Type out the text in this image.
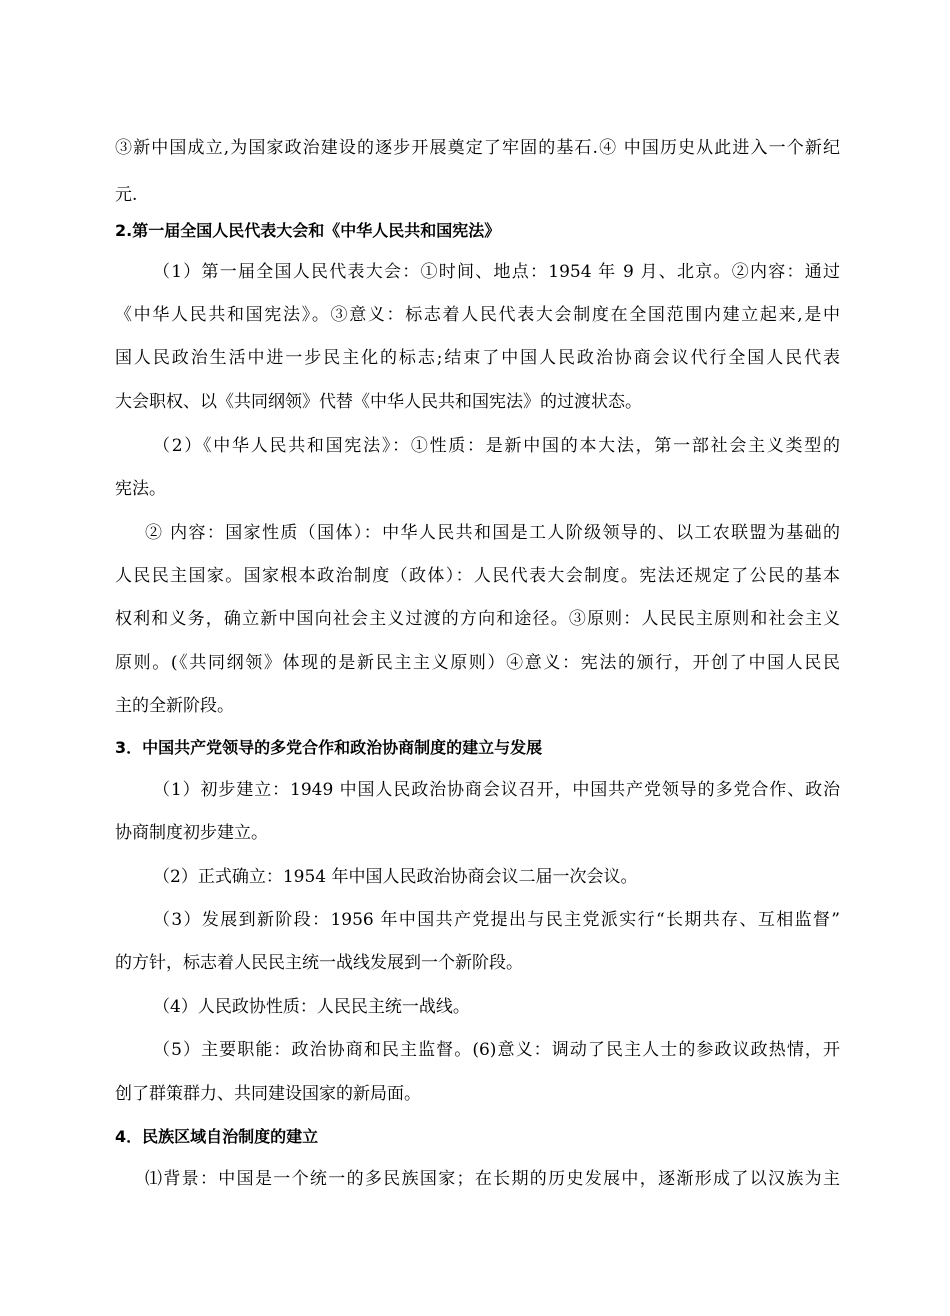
③新中国成立,为国家政治建设的逐步开展奠定了牢固的基石.④ 中国历史从此进入一个新纪
元.
2.第一届全国人民代表大会和《中华人民共和国宪法》
（1）第一届全国人民代表大会：①时间、地点：1954 年 9 月、北京。②内容：通过
《中华人民共和国宪法》。③意义：标志着人民代表大会制度在全国范围内建立起来,是中
国人民政治生活中进一步民主化的标志;结束了中国人民政治协商会议代行全国人民代表
大会职权、以《共同纲领》代替《中华人民共和国宪法》的过渡状态。
（2）《中华人民共和国宪法》：①性质：是新中国的本大法，第一部社会主义类型的
宪法。
② 内容：国家性质（国体）：中华人民共和国是工人阶级领导的、以工农联盟为基础的
人民民主国家。国家根本政治制度（政体）：人民代表大会制度。宪法还规定了公民的基本
权利和义务，确立新中国向社会主义过渡的方向和途径。③原则：人民民主原则和社会主义
原则。(《共同纲领》体现的是新民主主义原则）④意义：宪法的颁行，开创了中国人民民
主的全新阶段。
3．中国共产党领导的多党合作和政治协商制度的建立与发展
（1）初步建立：1949 中国人民政治协商会议召开，中国共产党领导的多党合作、政治
协商制度初步建立。
（2）正式确立：1954 年中国人民政治协商会议二届一次会议。
（3）发展到新阶段：1956 年中国共产党提出与民主党派实行“长期共存、互相监督”
的方针，标志着人民民主统一战线发展到一个新阶段。
（4）人民政协性质：人民民主统一战线。
（5）主要职能：政治协商和民主监督。(6)意义：调动了民主人士的参政议政热情，开
创了群策群力、共同建设国家的新局面。
4．民族区域自治制度的建立
⑴背景：中国是一个统一的多民族国家；在长期的历史发展中，逐渐形成了以汉族为主
